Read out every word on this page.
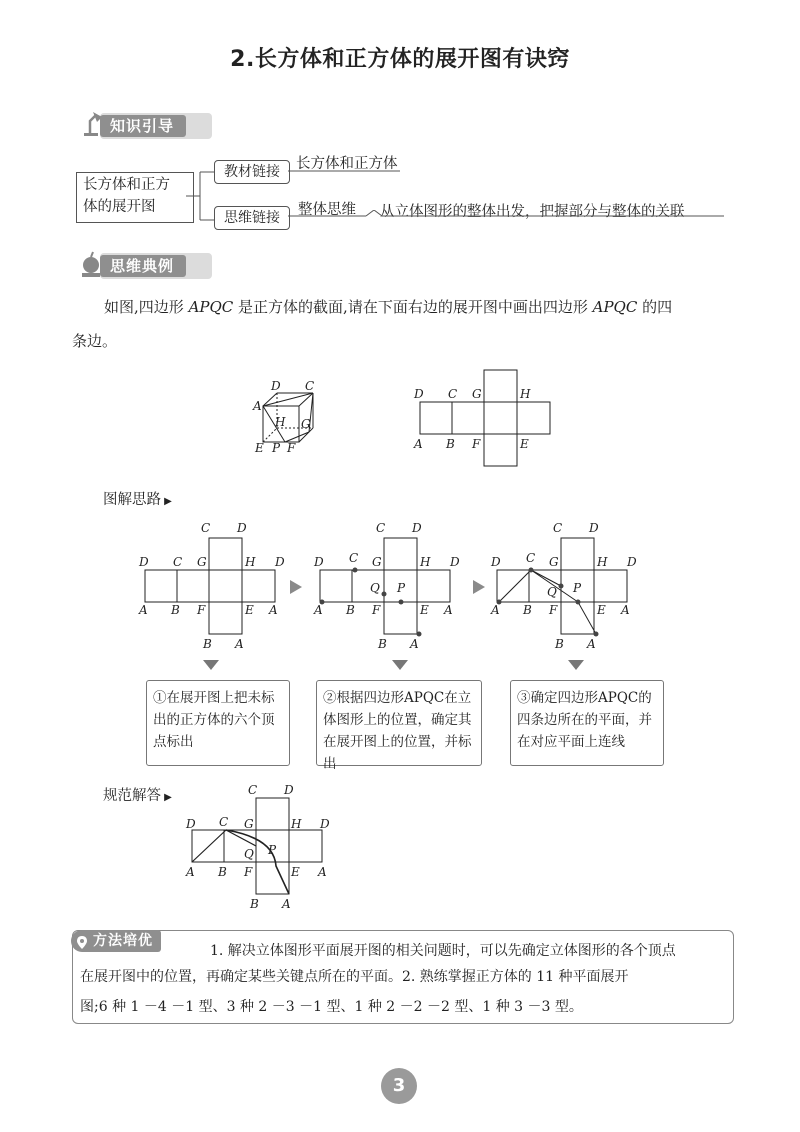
2.长方体和正方体的展开图有诀窍
知识引导
长方体和正方
体的展开图
教材链接	长方体和正方体
思维链接	整体思维 从立体图形的整体出发，把握部分与整体的关联
思维典例
如图,四边形 APQC 是正方体的截面,请在下面右边的展开图中画出四边形 APQC 的四
条边。
D C
A
H G
E P F
D C G	H
A B F	E
图解思路 ▶
C D
D C G	H D
A B F	E A
B A
C D
D C G	H D
Q P
A B F	E A
B A
C D
D C G	H D
Q P
A B F	E A
B A
①在展开图上把未标出的正方体的六个顶点标出
②根据四边形APQC在立体图形上的位置，确定其在展开图上的位置，并标出
③确定四边形APQC的四条边所在的平面，并在对应平面上连线
规范解答 ▶
C D
D C G	H D
Q P
A B F	E A
B A
方法培优
1. 解决立体图形平面展开图的相关问题时，可以先确定立体图形的各个顶点
在展开图中的位置，再确定某些关键点所在的平面。2. 熟练掌握正方体的 11 种平面展开
图;6 种 1 －4 －1 型、3 种 2 －3 －1 型、1 种 2 －2 －2 型、1 种 3 －3 型。
3
